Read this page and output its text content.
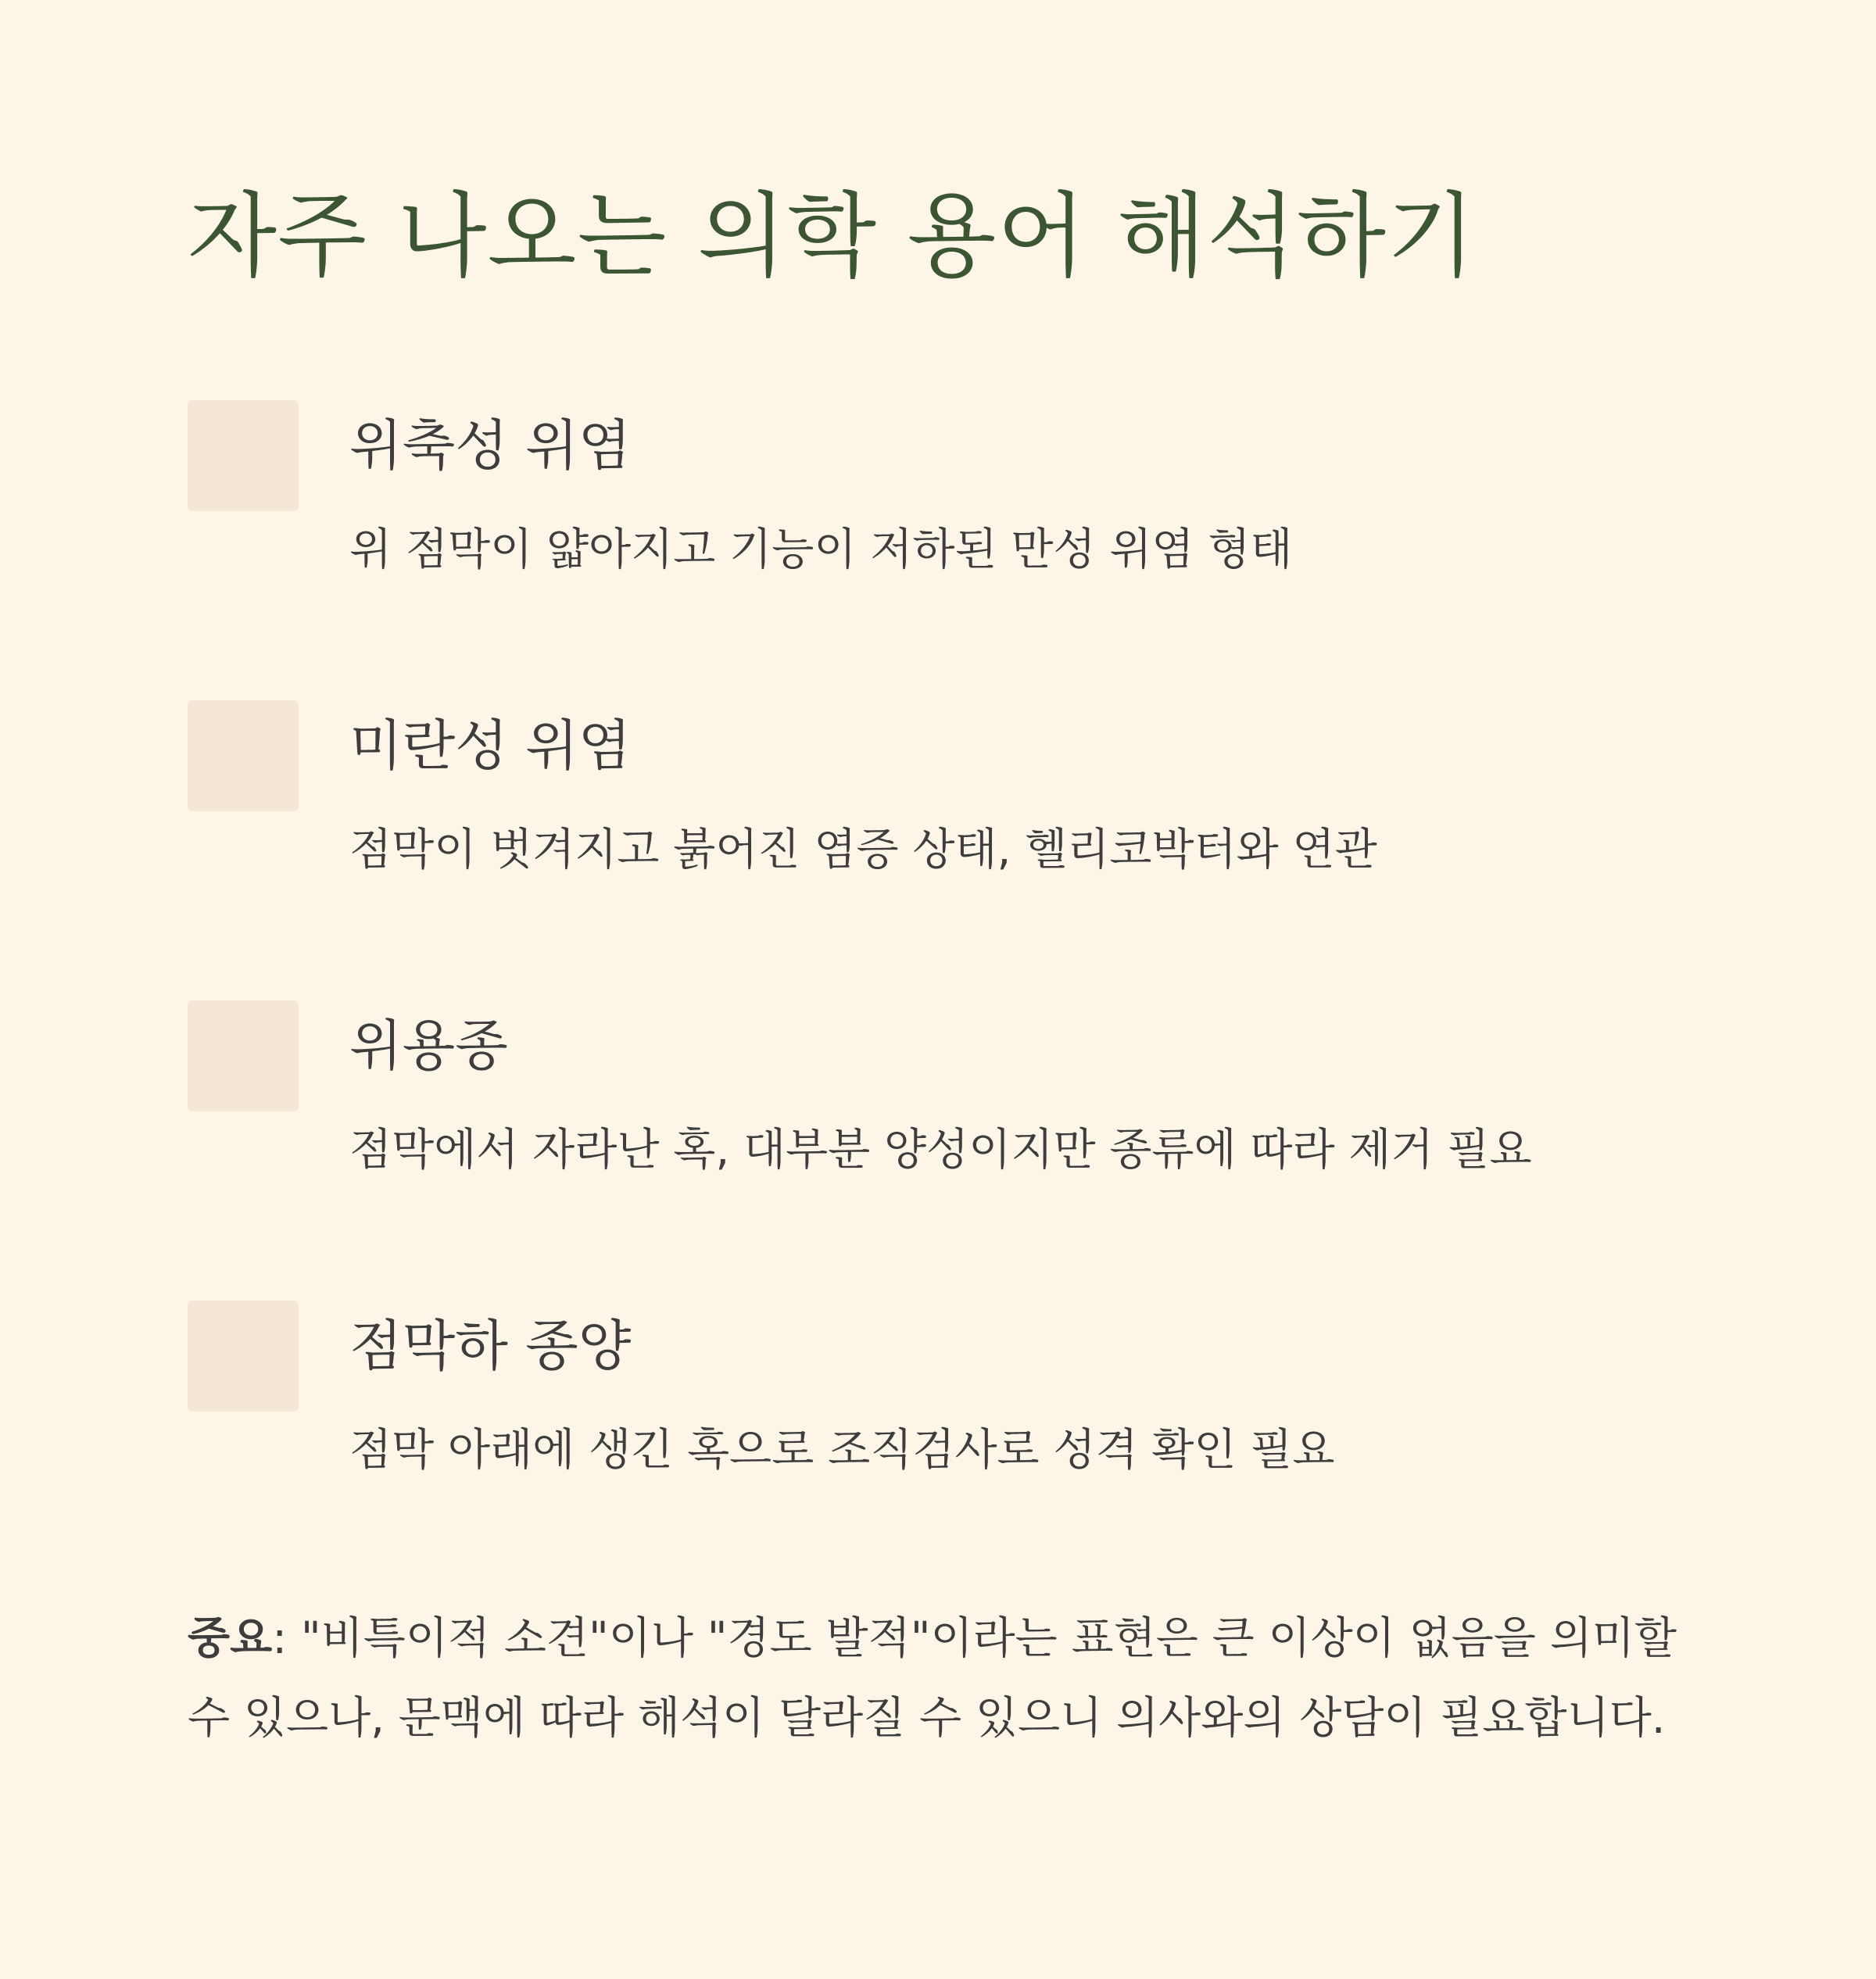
자주 나오는 의학 용어 해석하기
위축성 위염
위 점막이 얇아지고 기능이 저하된 만성 위염 형태
미란성 위염
점막이 벗겨지고 붉어진 염증 상태, 헬리코박터와 연관
위용종
점막에서 자라난 혹, 대부분 양성이지만 종류에 따라 제거 필요
점막하 종양
점막 아래에 생긴 혹으로 조직검사로 성격 확인 필요

중요: "비특이적 소견"이나 "경도 발적"이라는 표현은 큰 이상이 없음을 의미할 수 있으나, 문맥에 따라 해석이 달라질 수 있으니 의사와의 상담이 필요합니다.
